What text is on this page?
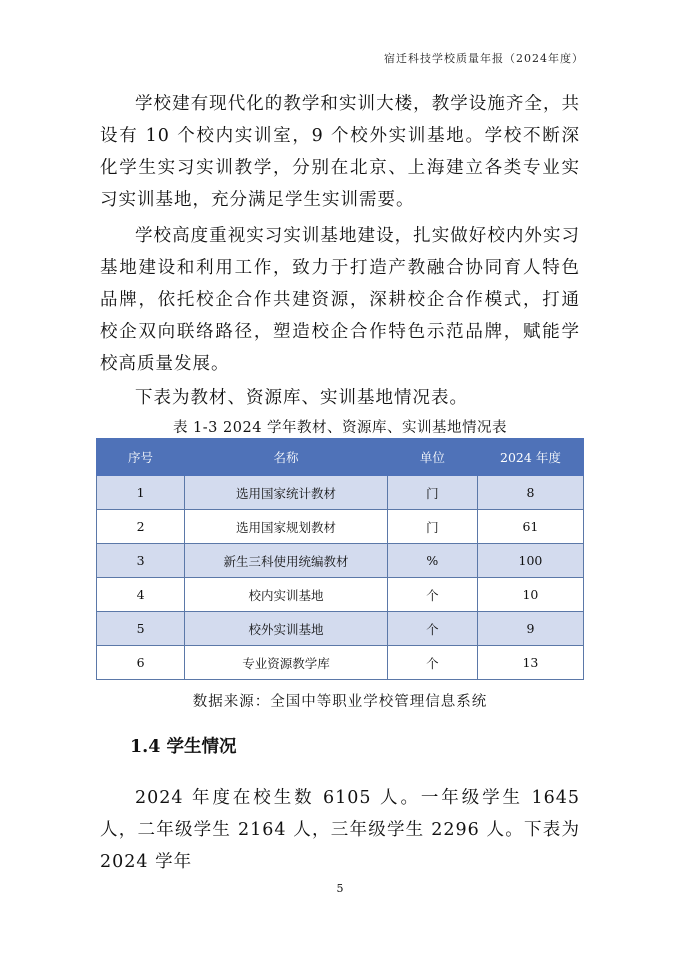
宿迁科技学校质量年报（2024年度）

学校建有现代化的教学和实训大楼，教学设施齐全，共设有 10 个校内实训室，9 个校外实训基地。学校不断深化学生实习实训教学，分别在北京、上海建立各类专业实习实训基地，充分满足学生实训需要。

学校高度重视实习实训基地建设，扎实做好校内外实习基地建设和利用工作，致力于打造产教融合协同育人特色品牌，依托校企合作共建资源，深耕校企合作模式，打通校企双向联络路径，塑造校企合作特色示范品牌，赋能学校高质量发展。

下表为教材、资源库、实训基地情况表。

表 1-3 2024 学年教材、资源库、实训基地情况表
序号	名称	单位	2024 年度
1	选用国家统计教材	门	8
2	选用国家规划教材	门	61
3	新生三科使用统编教材	%	100
4	校内实训基地	个	10
5	校外实训基地	个	9
6	专业资源教学库	个	13
数据来源：全国中等职业学校管理信息系统
1.4 学生情况

2024 年度在校生数 6105 人。一年级学生 1645 人，二年级学生 2164 人，三年级学生 2296 人。下表为 2024 学年

5
